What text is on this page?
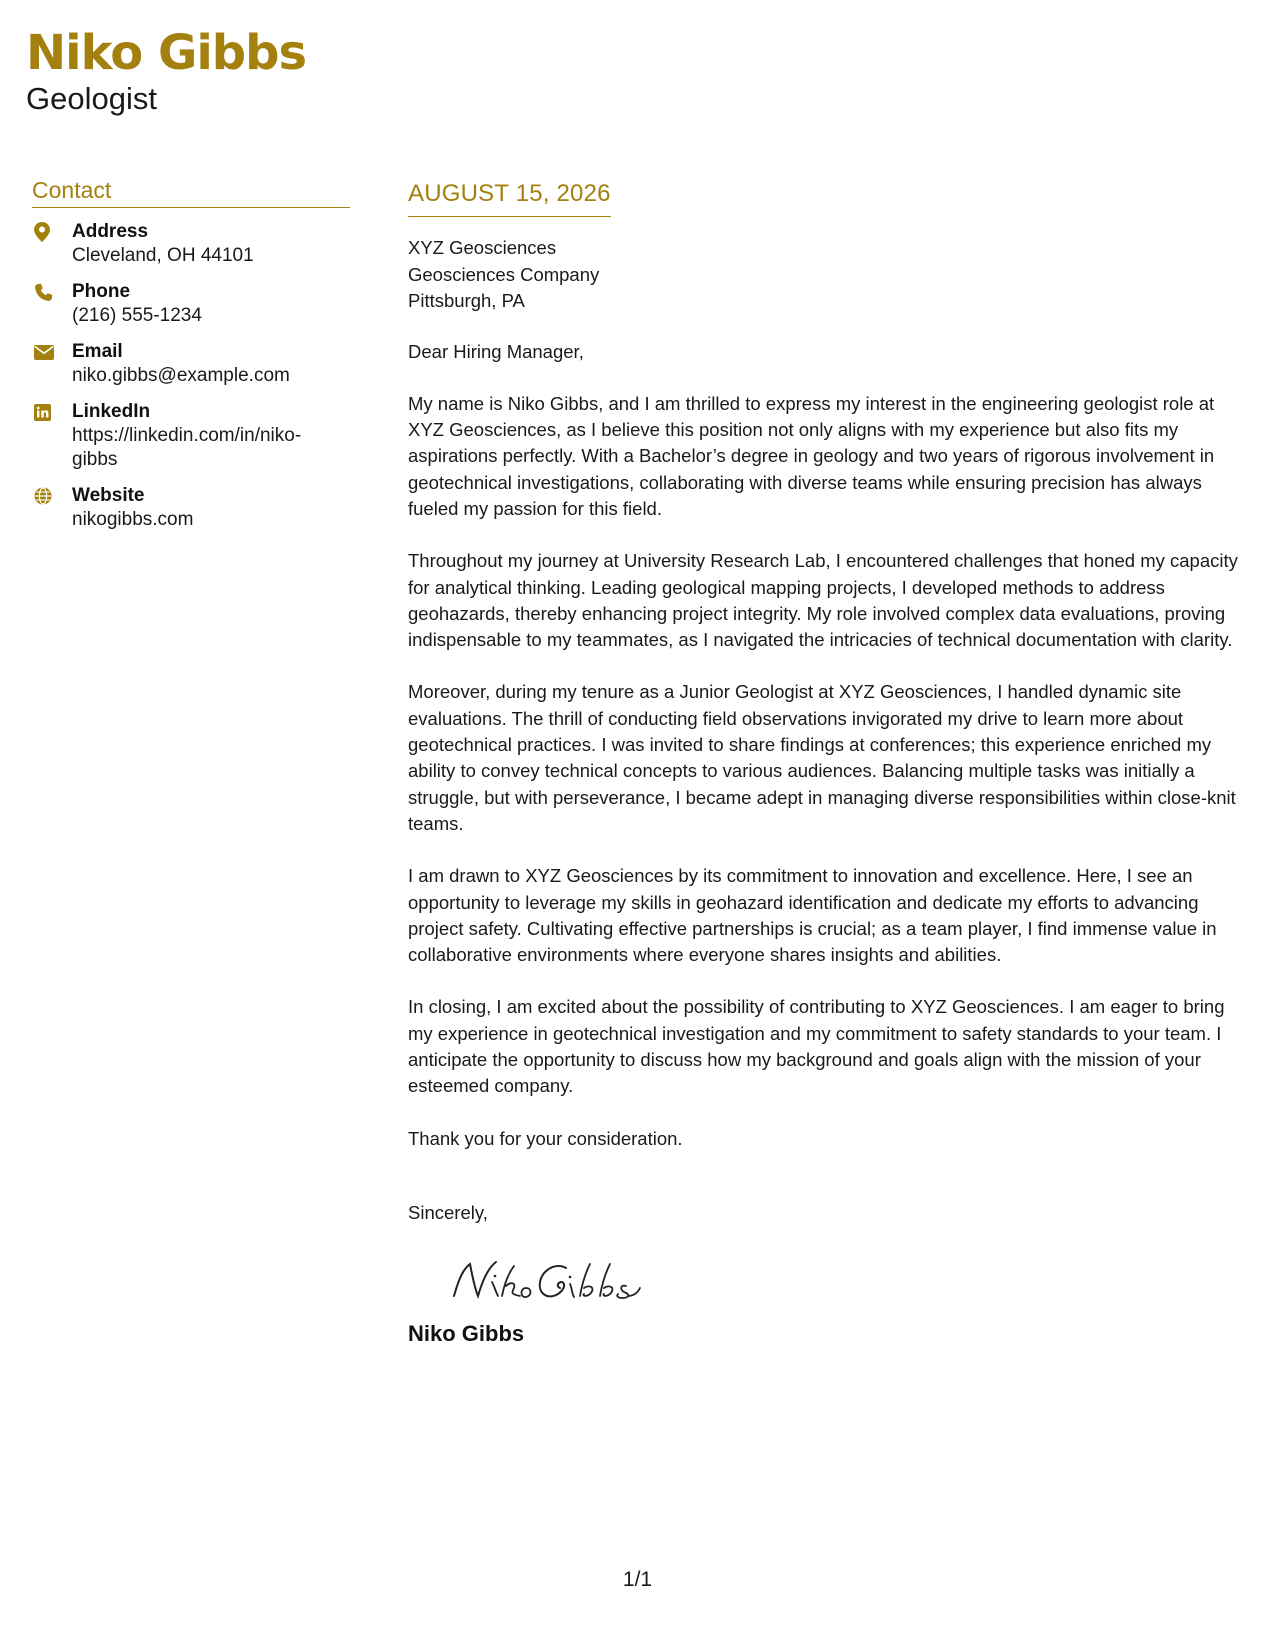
Niko Gibbs
Geologist
Contact
Address
Cleveland, OH 44101
Phone
(216) 555-1234
Email
niko.gibbs@example.com
LinkedIn
https://linkedin.com/in/niko-gibbs
Website
nikogibbs.com
AUGUST 15, 2026
XYZ Geosciences
Geosciences Company
Pittsburgh, PA
Dear Hiring Manager,
My name is Niko Gibbs, and I am thrilled to express my interest in the engineering geologist role at XYZ Geosciences, as I believe this position not only aligns with my experience but also fits my aspirations perfectly. With a Bachelor’s degree in geology and two years of rigorous involvement in geotechnical investigations, collaborating with diverse teams while ensuring precision has always fueled my passion for this field.
Throughout my journey at University Research Lab, I encountered challenges that honed my capacity for analytical thinking. Leading geological mapping projects, I developed methods to address geohazards, thereby enhancing project integrity. My role involved complex data evaluations, proving indispensable to my teammates, as I navigated the intricacies of technical documentation with clarity.
Moreover, during my tenure as a Junior Geologist at XYZ Geosciences, I handled dynamic site evaluations. The thrill of conducting field observations invigorated my drive to learn more about geotechnical practices. I was invited to share findings at conferences; this experience enriched my ability to convey technical concepts to various audiences. Balancing multiple tasks was initially a struggle, but with perseverance, I became adept in managing diverse responsibilities within close-knit teams.
I am drawn to XYZ Geosciences by its commitment to innovation and excellence. Here, I see an opportunity to leverage my skills in geohazard identification and dedicate my efforts to advancing project safety. Cultivating effective partnerships is crucial; as a team player, I find immense value in collaborative environments where everyone shares insights and abilities.
In closing, I am excited about the possibility of contributing to XYZ Geosciences. I am eager to bring my experience in geotechnical investigation and my commitment to safety standards to your team. I anticipate the opportunity to discuss how my background and goals align with the mission of your esteemed company.
Thank you for your consideration.
Sincerely,
Niko Gibbs
1/1
